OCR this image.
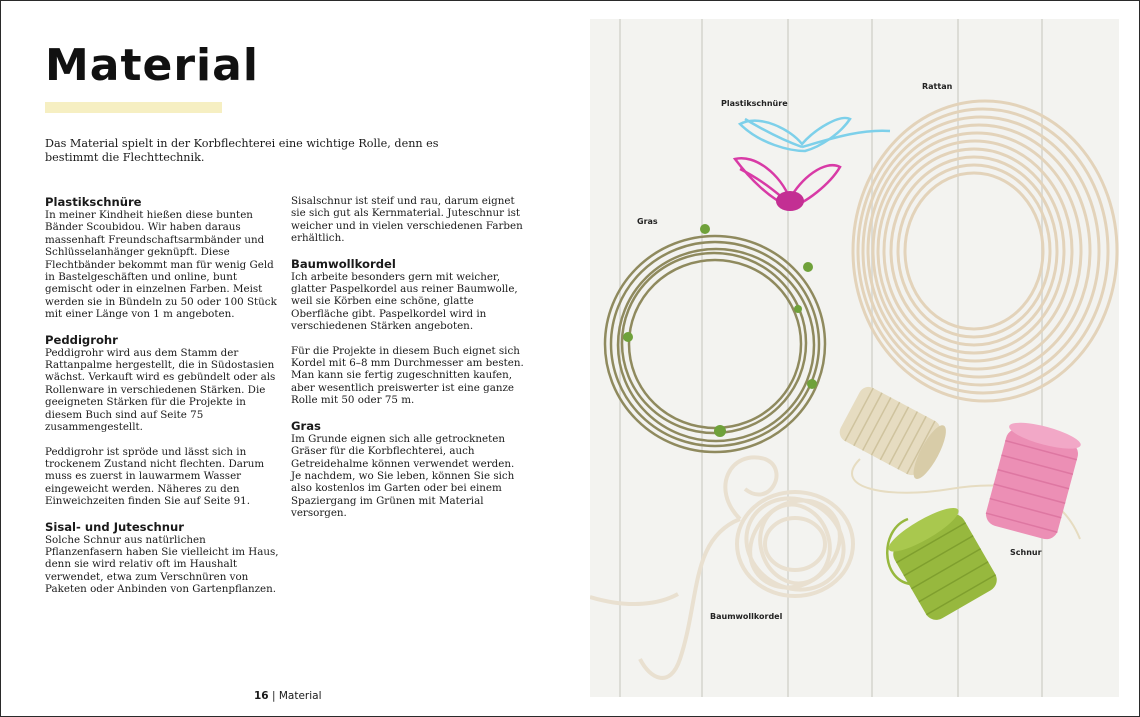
Material

Das Material spielt in der Korbflechterei eine wichtige Rolle, denn es bestimmt die Flechttechnik.

Plastikschnüre

In meiner Kindheit hießen diese bunten Bänder Scoubidou. Wir haben daraus massenhaft Freundschaftsarmbänder und Schlüsselanhänger geknüpft. Diese Flechtbänder bekommt man für wenig Geld in Bastelgeschäften und online, bunt gemischt oder in einzelnen Farben. Meist werden sie in Bündeln zu 50 oder 100 Stück mit einer Länge von 1 m angeboten.

Peddigrohr

Peddigrohr wird aus dem Stamm der Rattanpalme hergestellt, die in Südostasien wächst. Verkauft wird es gebündelt oder als Rollenware in verschiedenen Stärken. Die geeigneten Stärken für die Projekte in diesem Buch sind auf Seite 75 zusammengestellt.

Peddigrohr ist spröde und lässt sich in trockenem Zustand nicht flechten. Darum muss es zuerst in lauwarmem Wasser eingeweicht werden. Näheres zu den Einweichzeiten finden Sie auf Seite 91.

Sisal- und Juteschnur

Solche Schnur aus natürlichen Pflanzenfasern haben Sie vielleicht im Haus, denn sie wird relativ oft im Haushalt verwendet, etwa zum Verschnüren von Paketen oder Anbinden von Gartenpflanzen.

Sisalschnur ist steif und rau, darum eignet sie sich gut als Kernmaterial. Juteschnur ist weicher und in vielen verschiedenen Farben erhältlich.

Baumwollkordel

Ich arbeite besonders gern mit weicher, glatter Paspelkordel aus reiner Baumwolle, weil sie Körben eine schöne, glatte Oberfläche gibt. Paspelkordel wird in verschiedenen Stärken angeboten.

Für die Projekte in diesem Buch eignet sich Kordel mit 6–8 mm Durchmesser am besten. Man kann sie fertig zugeschnitten kaufen, aber wesentlich preiswerter ist eine ganze Rolle mit 50 oder 75 m.

Gras

Im Grunde eignen sich alle getrockneten Gräser für die Korbflechterei, auch Getreidehalme können verwendet werden. Je nachdem, wo Sie leben, können Sie sich also kostenlos im Garten oder bei einem Spaziergang im Grünen mit Material versorgen.

16 | Material
Rattan
Plastikschnüre
Gras
Schnur
Baumwollkordel
